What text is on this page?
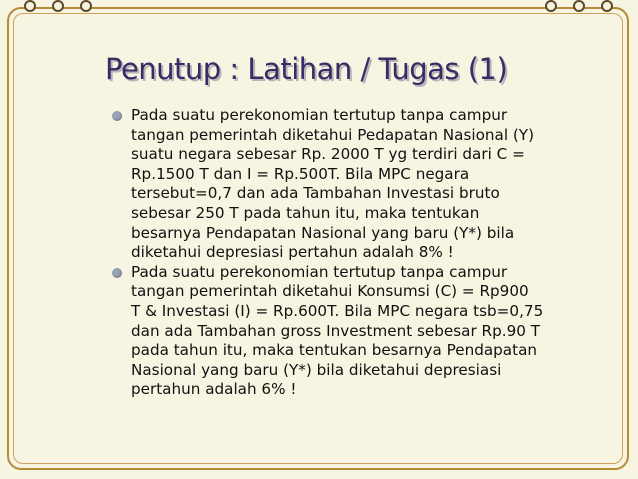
Penutup : Latihan / Tugas (1)
Pada suatu perekonomian tertutup tanpa campur
tangan pemerintah diketahui Pedapatan Nasional (Y)
suatu negara sebesar Rp. 2000 T yg terdiri dari C =
Rp.1500 T dan I = Rp.500T. Bila MPC negara
tersebut=0,7 dan ada Tambahan Investasi bruto
sebesar 250 T pada tahun itu, maka tentukan
besarnya Pendapatan Nasional yang baru (Y*) bila
diketahui depresiasi pertahun adalah 8% !
Pada suatu perekonomian tertutup tanpa campur
tangan pemerintah diketahui Konsumsi (C) = Rp900
T & Investasi (I) = Rp.600T. Bila MPC negara tsb=0,75
dan ada Tambahan gross Investment sebesar Rp.90 T
pada tahun itu, maka tentukan besarnya Pendapatan
Nasional yang baru (Y*) bila diketahui depresiasi
pertahun adalah 6% !
